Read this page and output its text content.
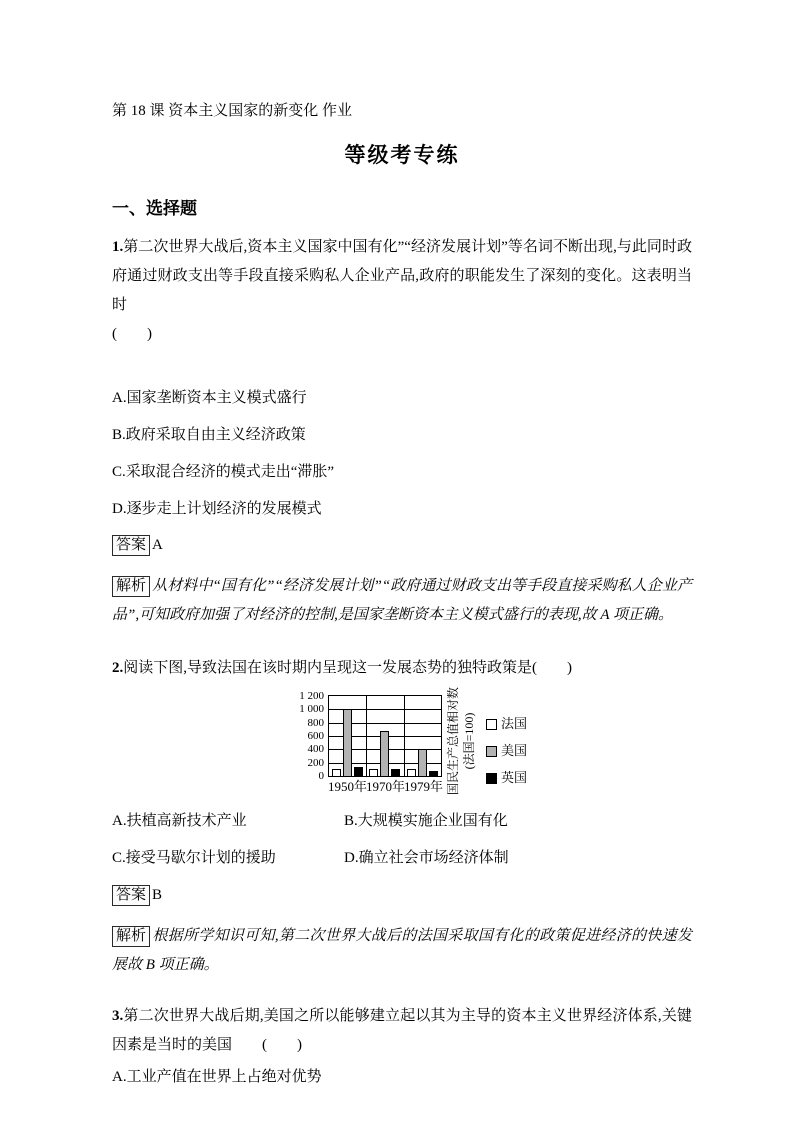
第 18 课 资本主义国家的新变化 作业
等级考专练
一、选择题

1.第二次世界大战后,资本主义国家中国有化”“经济发展计划”等名词不断出现,与此同时政府通过财政支出等手段直接采购私人企业产品,政府的职能发生了深刻的变化。这表明当时

(　　)

A.国家垄断资本主义模式盛行
B.政府采取自由主义经济政策
C.采取混合经济的模式走出“滞胀”
D.逐步走上计划经济的发展模式
答案 A

解析 从材料中“国有化”“经济发展计划”“政府通过财政支出等手段直接采购私人企业产品”,可知政府加强了对经济的控制,是国家垄断资本主义模式盛行的表现,故 A 项正确。

2.阅读下图,导致法国在该时期内呈现这一发展态势的独特政策是(　　)

0
200
400
600
800
1 000
1 200
1950年
1970年
1979年 国民生产总值相对数 (法国=100) 法国
美国
英国
A.扶植高新技术产业	B.大规模实施企业国有化
C.接受马歇尔计划的援助	D.确立社会市场经济体制
答案 B

解析 根据所学知识可知,第二次世界大战后的法国采取国有化的政策促进经济的快速发展故 B 项正确。

3.第二次世界大战后期,美国之所以能够建立起以其为主导的资本主义世界经济体系,关键因素是当时的美国　　(　　)

A.工业产值在世界上占绝对优势
